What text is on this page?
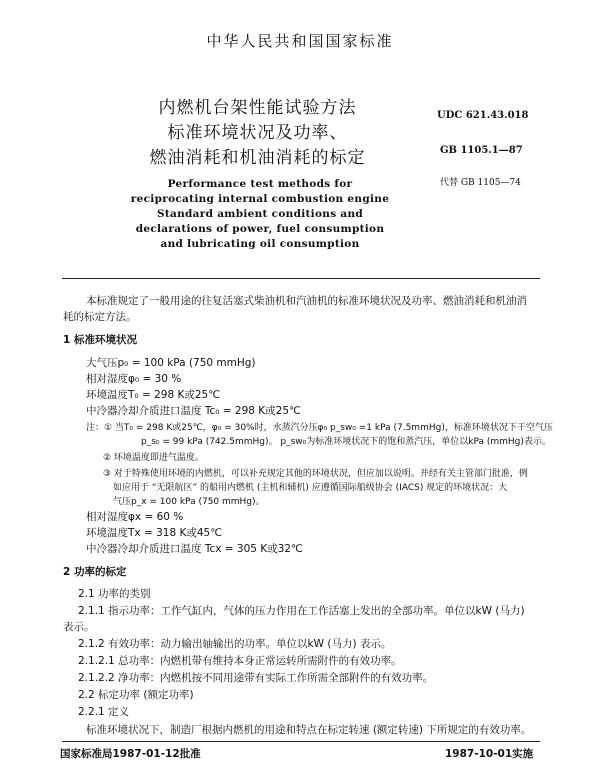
中华人民共和国国家标准
内燃机台架性能试验方法
标准环境状况及功率、
燃油消耗和机油消耗的标定
UDC 621.43.018
GB 1105.1—87
代替 GB 1105—74
Performance test methods for
reciprocating internal combustion engine
Standard ambient conditions and
declarations of power, fuel consumption
and lubricating oil consumption
本标准规定了一般用途的往复活塞式柴油机和汽油机的标准环境状况及功率、燃油消耗和机油消
耗的标定方法。
1 标准环境状况
大气压p₀ = 100 kPa (750 mmHg)
相对湿度φ₀ = 30 %
环境温度T₀ = 298 K或25℃
中冷器冷却介质进口温度 Tc₀ = 298 K或25℃
注：① 当T₀ = 298 K或25℃，φ₀ = 30%时，水蒸汽分压φ₀ p_sw₀ =1 kPa (7.5mmHg)，标准环境状况下干空气压
p_s₀ = 99 kPa (742.5mmHg)。 p_sw₀为标准环境状况下的饱和蒸汽压，单位以kPa (mmHg)表示。
② 环境温度即进气温度。
③ 对于特殊使用环境的内燃机，可以补充规定其他的环境状况，但应加以说明。并经有关主管部门批准，例
如应用于 “无限航区” 的船用内燃机 (主机和辅机) 应遵循国际船级协会 (IACS) 规定的环境状况：大
气压p_x = 100 kPa (750 mmHg)。
相对湿度φx = 60 %
环境温度Tx = 318 K或45℃
中冷器冷却介质进口温度 Tcx = 305 K或32℃
2 功率的标定
2.1 功率的类别
2.1.1 指示功率：工作气缸内，气体的压力作用在工作活塞上发出的全部功率。单位以kW (马力)
表示。
2.1.2 有效功率：动力输出轴输出的功率。单位以kW (马力) 表示。
2.1.2.1 总功率：内燃机带有维持本身正常运转所需附件的有效功率。
2.1.2.2 净功率：内燃机按不同用途带有实际工作所需全部附件的有效功率。
2.2 标定功率 (额定功率)
2.2.1 定义
标准环境状况下，制造厂根据内燃机的用途和特点在标定转速 (额定转速) 下所规定的有效功率。
国家标准局1987-01-12批准	1987-10-01实施
